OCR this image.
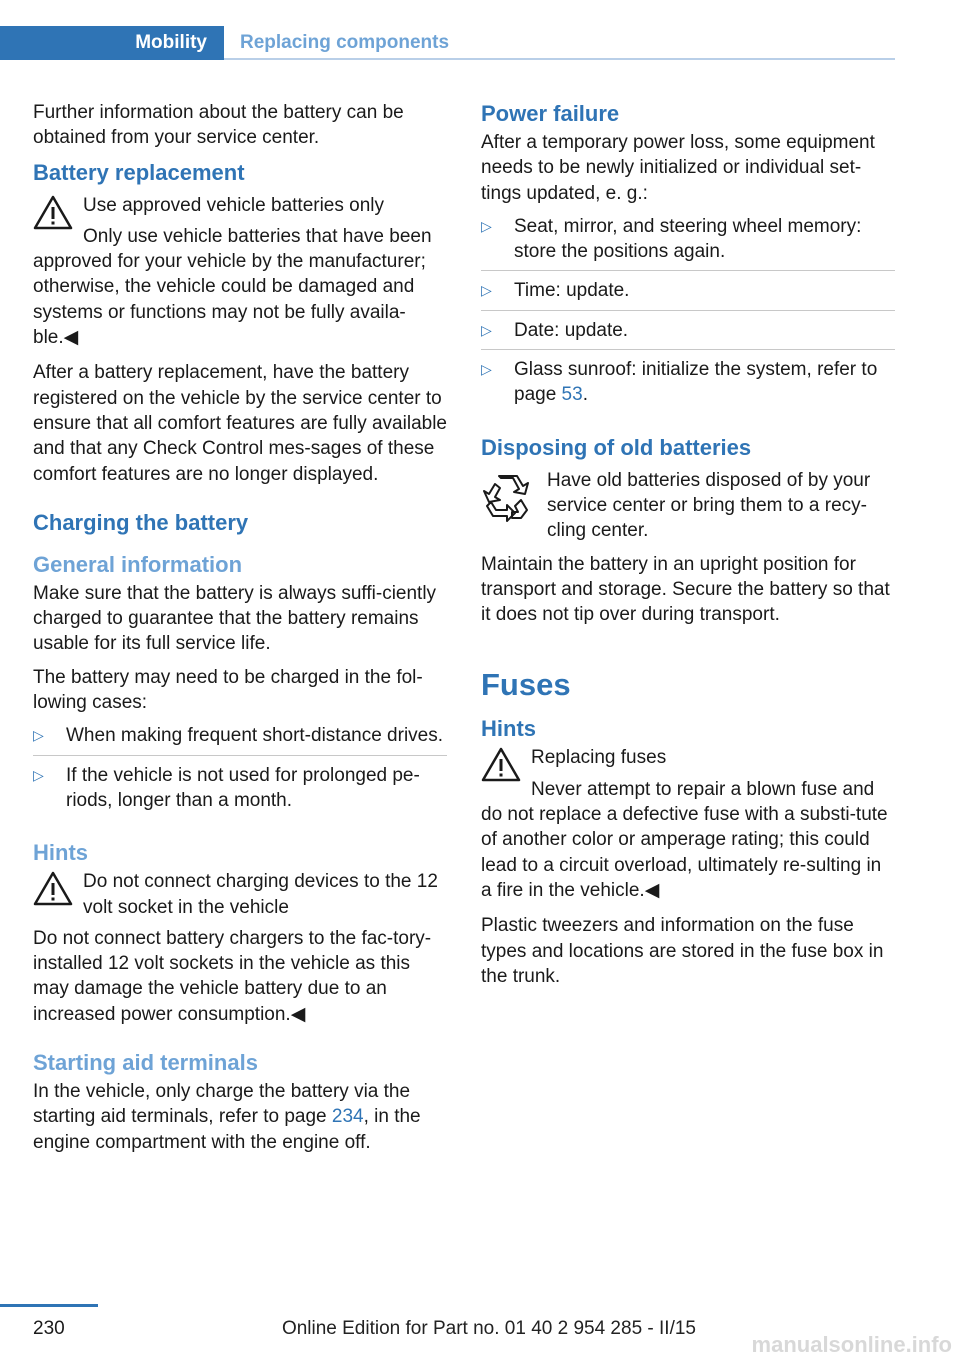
Mobility	Replacing components

Further information about the battery can be obtained from your service center.

Battery replacement

Use approved vehicle batteries only

Only use vehicle batteries that have been approved for your vehicle by the manufacturer; otherwise, the vehicle could be damaged and systems or functions may not be fully availa-ble.◀

After a battery replacement, have the battery registered on the vehicle by the service center to ensure that all comfort features are fully available and that any Check Control mes-sages of these comfort features are no longer displayed.

Charging the battery
General information

Make sure that the battery is always suffi-ciently charged to guarantee that the battery remains usable for its full service life.

The battery may need to be charged in the fol-lowing cases:

▷ When making frequent short-distance drives.
▷ If the vehicle is not used for prolonged pe-riods, longer than a month.
Hints

Do not connect charging devices to the 12 volt socket in the vehicle

Do not connect battery chargers to the fac-tory-installed 12 volt sockets in the vehicle as this may damage the vehicle battery due to an increased power consumption.◀

Starting aid terminals

In the vehicle, only charge the battery via the starting aid terminals, refer to page 234, in the engine compartment with the engine off.

Power failure

After a temporary power loss, some equipment needs to be newly initialized or individual set-tings updated, e. g.:

▷ Seat, mirror, and steering wheel memory: store the positions again.
▷ Time: update.
▷ Date: update.
▷ Glass sunroof: initialize the system, refer to page 53.
Disposing of old batteries
Have old batteries disposed of by your service center or bring them to a recy-cling center.

Maintain the battery in an upright position for transport and storage. Secure the battery so that it does not tip over during transport.

Fuses
Hints

Replacing fuses

Never attempt to repair a blown fuse and do not replace a defective fuse with a substi-tute of another color or amperage rating; this could lead to a circuit overload, ultimately re-sulting in a fire in the vehicle.◀

Plastic tweezers and information on the fuse types and locations are stored in the fuse box in the trunk.

230	Online Edition for Part no. 01 40 2 954 285 - II/15
manualsonline.info
